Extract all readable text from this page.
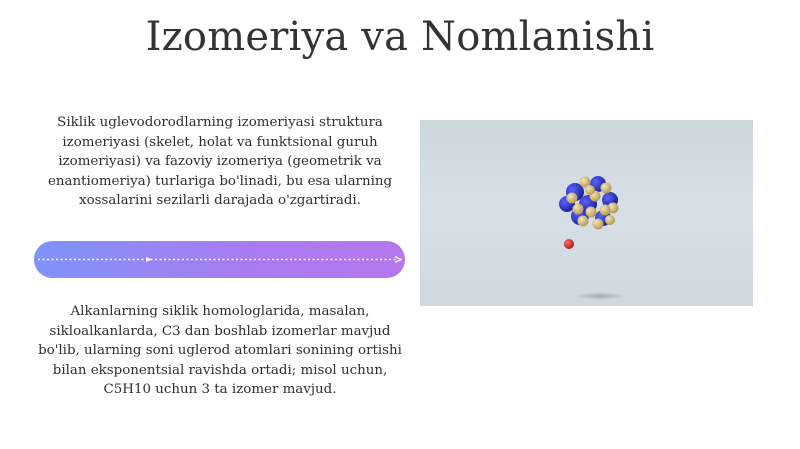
Izomeriya va Nomlanishi

Siklik uglevodorodlarning izomeriyasi struktura izomeriyasi (skelet, holat va funktsional guruh izomeriyasi) va fazoviy izomeriya (geometrik va enantiomeriya) turlariga bo'linadi, bu esa ularning xossalarini sezilarli darajada o'zgartiradi.

Alkanlarning siklik homologlarida, masalan, sikloalkanlarda, C3 dan boshlab izomerlar mavjud bo'lib, ularning soni uglerod atomlari sonining ortishi bilan eksponentsial ravishda ortadi; misol uchun, C5H10 uchun 3 ta izomer mavjud.
